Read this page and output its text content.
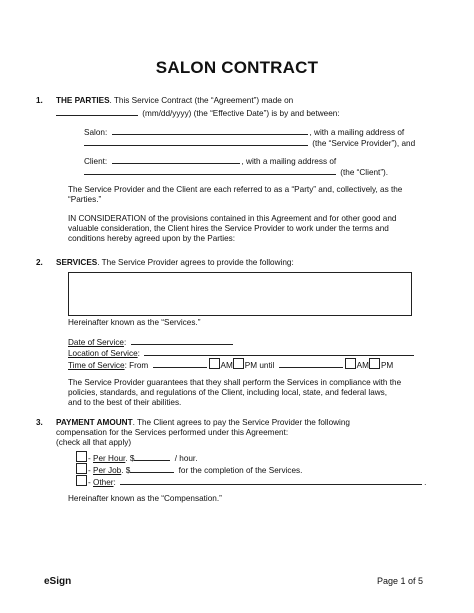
SALON CONTRACT
1. THE PARTIES. This Service Contract (the “Agreement”) made on
(mm/dd/yyyy) (the “Effective Date”) is by and between:
Salon:	, with a mailing address of
(the “Service Provider”), and
Client:	, with a mailing address of
(the “Client”).
The Service Provider and the Client are each referred to as a “Party” and, collectively, as the
“Parties.”
IN CONSIDERATION of the provisions contained in this Agreement and for other good and
valuable consideration, the Client hires the Service Provider to work under the terms and
conditions hereby agreed upon by the Parties:
2. SERVICES. The Service Provider agrees to provide the following:
Hereinafter known as the “Services.”
Date of Service:
Location of Service:
Time of Service: From	AM PM until	AM PM
The Service Provider guarantees that they shall perform the Services in compliance with the
policies, standards, and regulations of the Client, including local, state, and federal laws,
and to the best of their abilities.
3. PAYMENT AMOUNT. The Client agrees to pay the Service Provider the following
compensation for the Services performed under this Agreement:
(check all that apply)
- Per Hour. $	/ hour.
- Per Job. $	for the completion of the Services.
- Other:	.
Hereinafter known as the “Compensation.”
eSign	Page 1 of 5
